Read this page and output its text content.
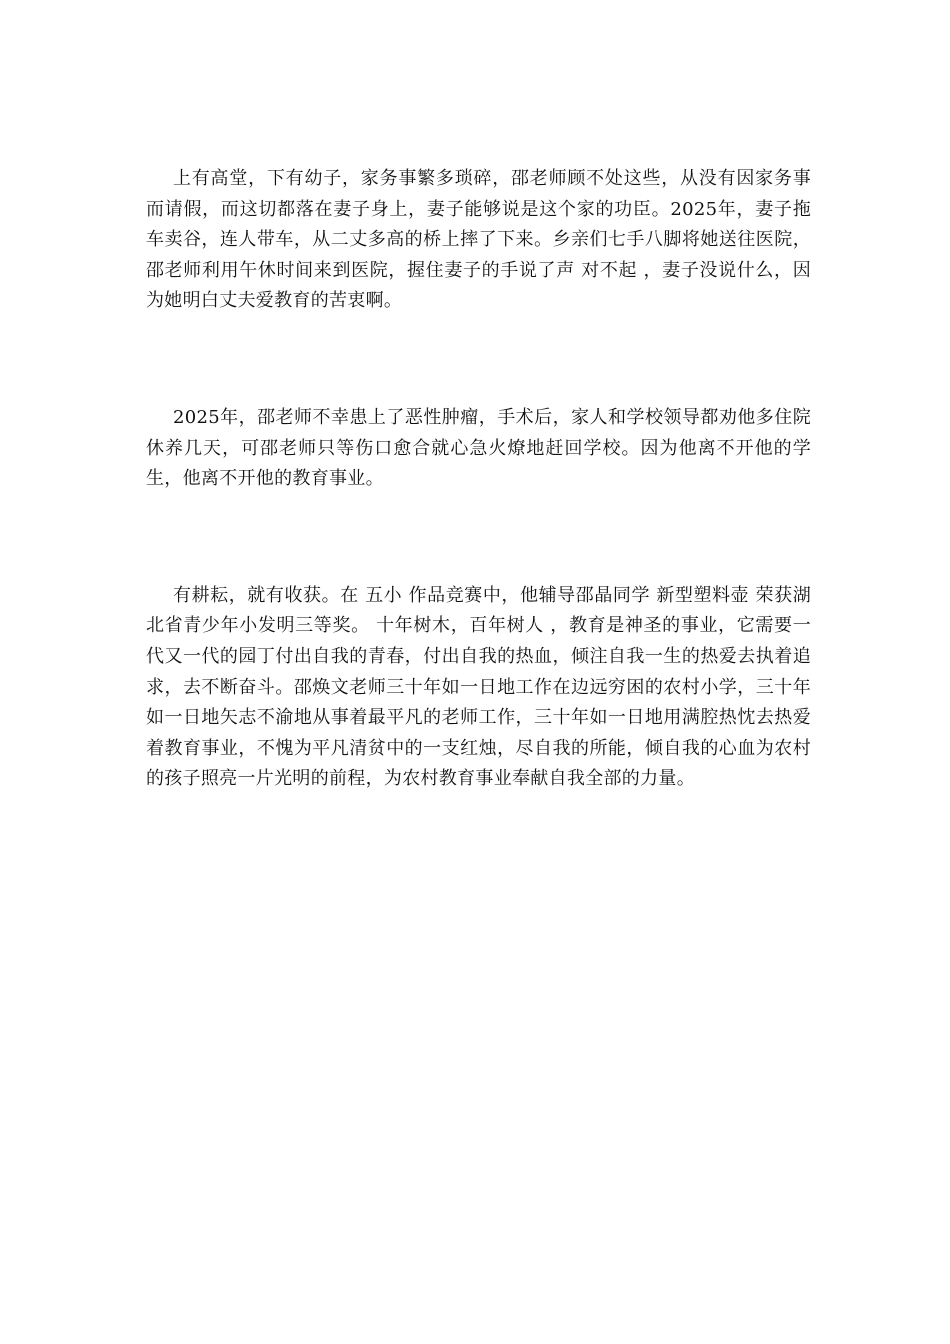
上有高堂，下有幼子，家务事繁多琐碎，邵老师顾不处这些，从没有因家务事而请假，而这切都落在妻子身上，妻子能够说是这个家的功臣。2025年，妻子拖车卖谷，连人带车，从二丈多高的桥上摔了下来。乡亲们七手八脚将她送往医院，邵老师利用午休时间来到医院，握住妻子的手说了声 对不起 ，妻子没说什么，因为她明白丈夫爱教育的苦衷啊。

2025年，邵老师不幸患上了恶性肿瘤，手术后，家人和学校领导都劝他多住院休养几天，可邵老师只等伤口愈合就心急火燎地赶回学校。因为他离不开他的学生，他离不开他的教育事业。

有耕耘，就有收获。在 五小 作品竞赛中，他辅导邵晶同学 新型塑料壶 荣获湖北省青少年小发明三等奖。 十年树木，百年树人 ，教育是神圣的事业，它需要一代又一代的园丁付出自我的青春，付出自我的热血，倾注自我一生的热爱去执着追求，去不断奋斗。邵焕文老师三十年如一日地工作在边远穷困的农村小学，三十年如一日地矢志不渝地从事着最平凡的老师工作，三十年如一日地用满腔热忱去热爱着教育事业，不愧为平凡清贫中的一支红烛，尽自我的所能，倾自我的心血为农村的孩子照亮一片光明的前程，为农村教育事业奉献自我全部的力量。
